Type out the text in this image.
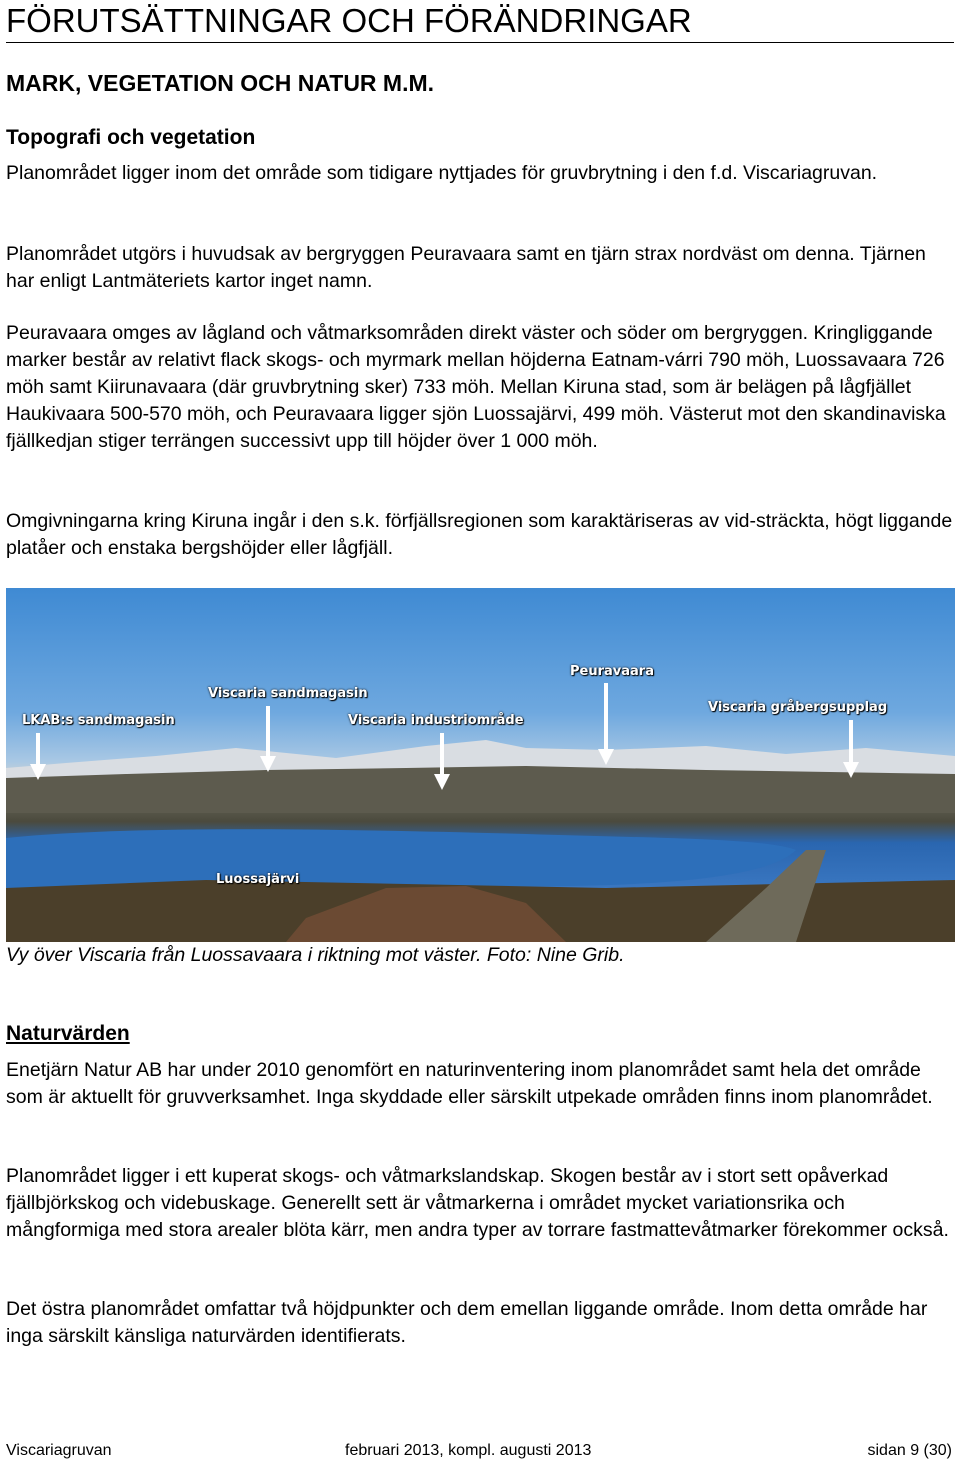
FÖRUTSÄTTNINGAR OCH FÖRÄNDRINGAR
MARK, VEGETATION OCH NATUR M.M.
Topografi och vegetation

Planområdet ligger inom det område som tidigare nyttjades för gruvbrytning i den f.d. Viscariagruvan.

Planområdet utgörs i huvudsak av bergryggen Peuravaara samt en tjärn strax nordväst om denna. Tjärnen har enligt Lantmäteriets kartor inget namn.

Peuravaara omges av lågland och våtmarksområden direkt väster och söder om bergryggen. Kringliggande marker består av relativt flack skogs- och myrmark mellan höjderna Eatnam-várri 790 möh, Luossavaara 726 möh samt Kiirunavaara (där gruvbrytning sker) 733 möh. Mellan Kiruna stad, som är belägen på lågfjället Haukivaara 500-570 möh, och Peuravaara ligger sjön Luossajärvi, 499 möh. Västerut mot den skandinaviska fjällkedjan stiger terrängen successivt upp till höjder över 1 000 möh.

Omgivningarna kring Kiruna ingår i den s.k. förfjällsregionen som karaktäriseras av vid-sträckta, högt liggande platåer och enstaka bergshöjder eller lågfjäll.

LKAB:s sandmagasin
Viscaria sandmagasin
Viscaria industriområde
Peuravaara
Viscaria gråbergsupplag
Luossajärvi

Vy över Viscaria från Luossavaara i riktning mot väster. Foto: Nine Grib.

Naturvärden

Enetjärn Natur AB har under 2010 genomfört en naturinventering inom planområdet samt hela det område som är aktuellt för gruvverksamhet. Inga skyddade eller särskilt utpekade områden finns inom planområdet.

Planområdet ligger i ett kuperat skogs- och våtmarkslandskap. Skogen består av i stort sett opåverkad fjällbjörkskog och videbuskage. Generellt sett är våtmarkerna i området mycket variationsrika och mångformiga med stora arealer blöta kärr, men andra typer av torrare fastmattevåtmarker förekommer också.

Det östra planområdet omfattar två höjdpunkter och dem emellan liggande område. Inom detta område har inga särskilt känsliga naturvärden identifierats.

Viscariagruvan	februari 2013, kompl. augusti 2013	sidan 9 (30)
